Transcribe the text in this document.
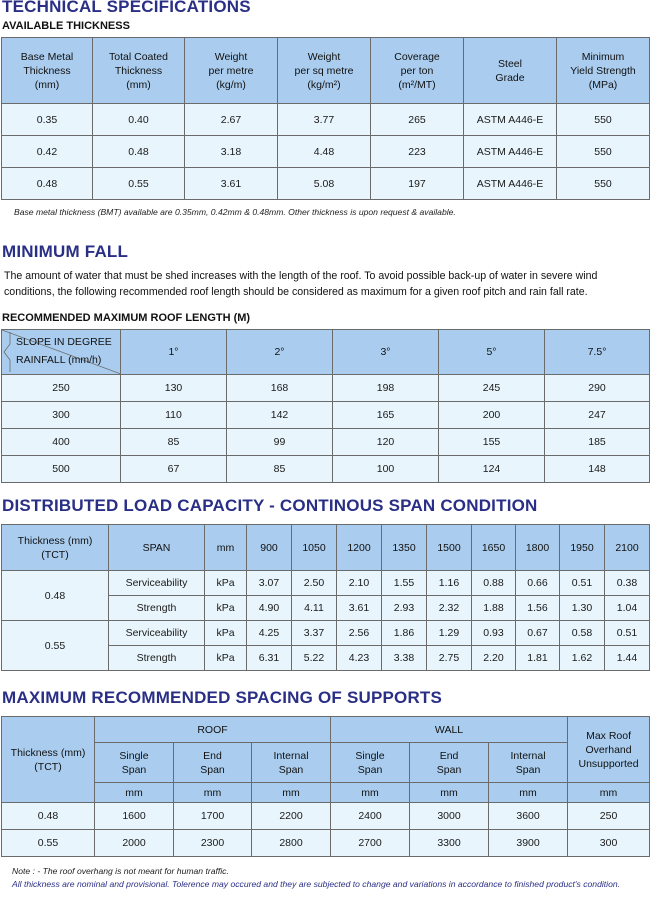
TECHNICAL SPECIFICATIONS
AVAILABLE THICKNESS
Base Metal
Thickness
(mm)	Total Coated
Thickness
(mm)	Weight
per metre
(kg/m)	Weight
per sq metre
(kg/m²)	Coverage
per ton
(m²/MT)	Steel
Grade	Minimum
Yield Strength
(MPa)
0.35	0.40	2.67	3.77	265	ASTM A446-E	550
0.42	0.48	3.18	4.48	223	ASTM A446-E	550
0.48	0.55	3.61	5.08	197	ASTM A446-E	550
Base metal thickness (BMT) available are 0.35mm, 0.42mm & 0.48mm. Other thickness is upon request & available.
MINIMUM FALL
The amount of water that must be shed increases with the length of the roof. To avoid possible back-up of water in severe wind conditions, the following recommended roof length should be considered as maximum for a given roof pitch and rain fall rate.
RECOMMENDED MAXIMUM ROOF LENGTH (M)
SLOPE IN DEGREE
RAINFALL (mm/h)	1°	2°	3°	5°	7.5°
250	130	168	198	245	290
300	110	142	165	200	247
400	85	99	120	155	185
500	67	85	100	124	148
DISTRIBUTED LOAD CAPACITY - CONTINOUS SPAN CONDITION
Thickness (mm)
(TCT)	SPAN	mm	900	1050	1200	1350	1500	1650	1800	1950	2100
0.48	Serviceability	kPa	3.07	2.50	2.10	1.55	1.16	0.88	0.66	0.51	0.38
	Strength	kPa	4.90	4.11	3.61	2.93	2.32	1.88	1.56	1.30	1.04
0.55	Serviceability	kPa	4.25	3.37	2.56	1.86	1.29	0.93	0.67	0.58	0.51
	Strength	kPa	6.31	5.22	4.23	3.38	2.75	2.20	1.81	1.62	1.44
MAXIMUM RECOMMENDED SPACING OF SUPPORTS
Thickness (mm)
(TCT)	ROOF			WALL			Max Roof
Overhand
Unsupported
	Single
Span	End
Span	Internal
Span	Single
Span	End
Span	Internal
Span	
	mm	mm	mm	mm	mm	mm	mm
0.48	1600	1700	2200	2400	3000	3600	250
0.55	2000	2300	2800	2700	3300	3900	300
Note : - The roof overhang is not meant for human traffic.
All thickness are nominal and provisional. Tolerence may occured and they are subjected to change and variations in accordance to finished product's condition.
